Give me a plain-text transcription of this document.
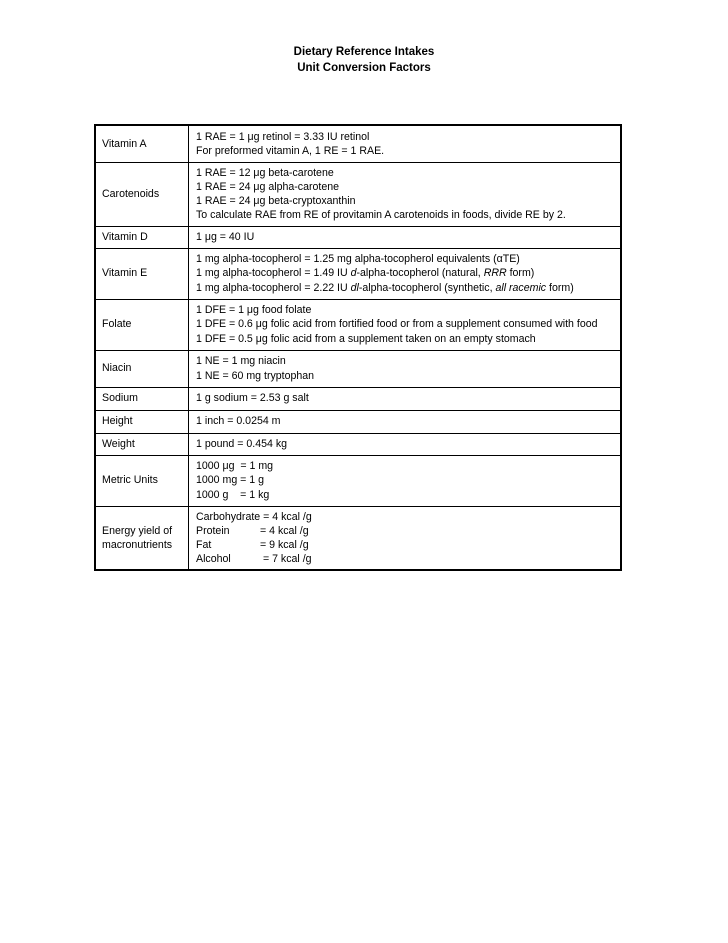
Dietary Reference Intakes
Unit Conversion Factors
Vitamin A	1 RAE = 1 μg retinol = 3.33 IU retinol
For preformed vitamin A, 1 RE = 1 RAE.

Carotenoids	1 RAE = 12 μg beta-carotene
1 RAE = 24 μg alpha-carotene
1 RAE = 24 μg beta-cryptoxanthin
To calculate RAE from RE of provitamin A carotenoids in foods, divide RE by 2.

Vitamin D	1 μg = 40 IU

Vitamin E	1 mg alpha-tocopherol = 1.25 mg alpha-tocopherol equivalents (αTE)
1 mg alpha-tocopherol = 1.49 IU d-alpha-tocopherol (natural, RRR form)
1 mg alpha-tocopherol = 2.22 IU dl-alpha-tocopherol (synthetic, all racemic form)

Folate	1 DFE = 1 μg food folate
1 DFE = 0.6 μg folic acid from fortified food or from a supplement consumed with food
1 DFE = 0.5 μg folic acid from a supplement taken on an empty stomach

Niacin	1 NE = 1 mg niacin
1 NE = 60 mg tryptophan

Sodium	1 g sodium = 2.53 g salt

Height	1 inch = 0.0254 m

Weight	1 pound = 0.454 kg

Metric Units	1000 μg  = 1 mg
1000 mg = 1 g
1000 g    = 1 kg

Energy yield of
macronutrients	Carbohydrate = 4 kcal /g
Protein = 4 kcal /g
Fat = 9 kcal /g
Alcohol = 7 kcal /g
